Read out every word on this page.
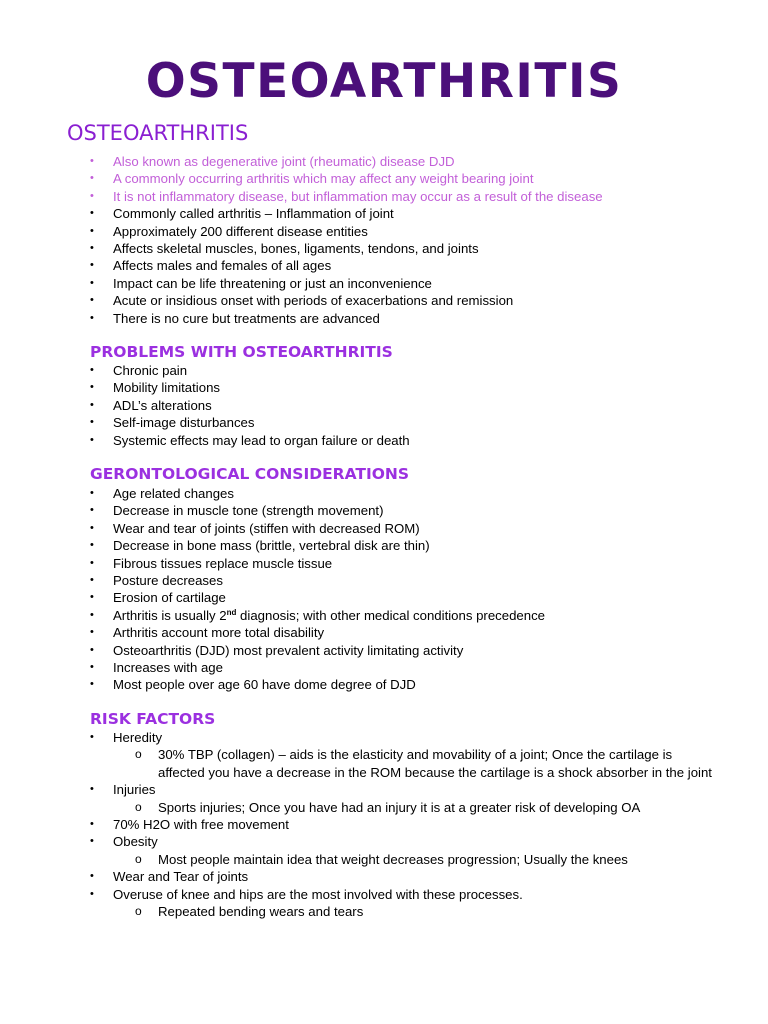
OSTEOARTHRITIS
OSTEOARTHRITIS
• Also known as degenerative joint (rheumatic) disease DJD
• A commonly occurring arthritis which may affect any weight bearing joint
• It is not inflammatory disease, but inflammation may occur as a result of the disease
• Commonly called arthritis – Inflammation of joint
• Approximately 200 different disease entities
• Affects skeletal muscles, bones, ligaments, tendons, and joints
• Affects males and females of all ages
• Impact can be life threatening or just an inconvenience
• Acute or insidious onset with periods of exacerbations and remission
• There is no cure but treatments are advanced
PROBLEMS WITH OSTEOARTHRITIS
• Chronic pain
• Mobility limitations
• ADL’s alterations
• Self-image disturbances
• Systemic effects may lead to organ failure or death
GERONTOLOGICAL CONSIDERATIONS
• Age related changes
• Decrease in muscle tone (strength movement)
• Wear and tear of joints (stiffen with decreased ROM)
• Decrease in bone mass (brittle, vertebral disk are thin)
• Fibrous tissues replace muscle tissue
• Posture decreases
• Erosion of cartilage
• Arthritis is usually 2nd diagnosis; with other medical conditions precedence
• Arthritis account more total disability
• Osteoarthritis (DJD) most prevalent activity limitating activity
• Increases with age
• Most people over age 60 have dome degree of DJD
RISK FACTORS
• Heredity
o 30% TBP (collagen) – aids is the elasticity and movability of a joint; Once the cartilage is affected you have a decrease in the ROM because the cartilage is a shock absorber in the joint
• Injuries
o Sports injuries; Once you have had an injury it is at a greater risk of developing OA
• 70% H2O with free movement
• Obesity
o Most people maintain idea that weight decreases progression; Usually the knees
• Wear and Tear of joints
• Overuse of knee and hips are the most involved with these processes.
o Repeated bending wears and tears
